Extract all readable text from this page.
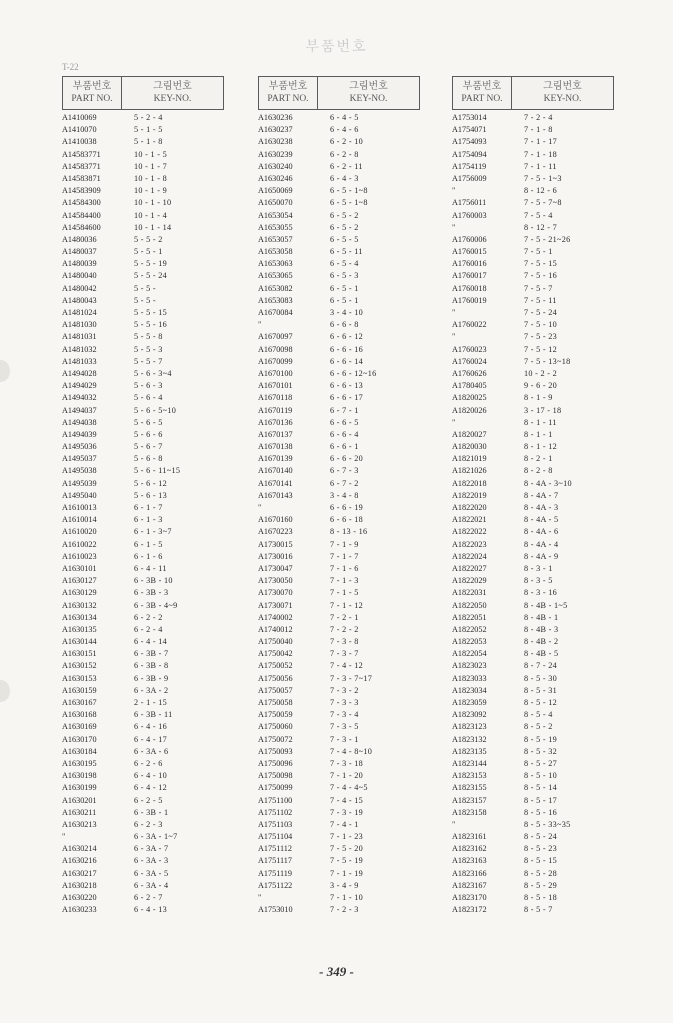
부품번호
T-22
부품번호
PART NO.
그림번호
KEY-NO.
A1410069	5 - 2 - 4
A1410070	5 - 1 - 5
A1410038	5 - 1 - 8
A14583771	10 - 1 - 5
A14583771	10 - 1 - 7
A14583871	10 - 1 - 8
A14583909	10 - 1 - 9
A14584300	10 - 1 - 10
A14584400	10 - 1 - 4
A14584600	10 - 1 - 14
A1480036	5 - 5 - 2
A1480037	5 - 5 - 1
A1480039	5 - 5 - 19
A1480040	5 - 5 - 24
A1480042	5 - 5 -
A1480043	5 - 5 -
A1481024	5 - 5 - 15
A1481030	5 - 5 - 16
A1481031	5 - 5 - 8
A1481032	5 - 5 - 3
A1481033	5 - 5 - 7
A1494028	5 - 6 - 3~4
A1494029	5 - 6 - 3
A1494032	5 - 6 - 4
A1494037	5 - 6 - 5~10
A1494038	5 - 6 - 5
A1494039	5 - 6 - 6
A1495036	5 - 6 - 7
A1495037	5 - 6 - 8
A1495038	5 - 6 - 11~15
A1495039	5 - 6 - 12
A1495040	5 - 6 - 13
A1610013	6 - 1 - 7
A1610014	6 - 1 - 3
A1610020	6 - 1 - 3~7
A1610022	6 - 1 - 5
A1610023	6 - 1 - 6
A1630101	6 - 4 - 11
A1630127	6 - 3B - 10
A1630129	6 - 3B - 3
A1630132	6 - 3B - 4~9
A1630134	6 - 2 - 2
A1630135	6 - 2 - 4
A1630144	6 - 4 - 14
A1630151	6 - 3B - 7
A1630152	6 - 3B - 8
A1630153	6 - 3B - 9
A1630159	6 - 3A - 2
A1630167	2 - 1 - 15
A1630168	6 - 3B - 11
A1630169	6 - 4 - 16
A1630170	6 - 4 - 17
A1630184	6 - 3A - 6
A1630195	6 - 2 - 6
A1630198	6 - 4 - 10
A1630199	6 - 4 - 12
A1630201	6 - 2 - 5
A1630211	6 - 3B - 1
A1630213	6 - 2 - 3
"	6 - 3A - 1~7
A1630214	6 - 3A - 7
A1630216	6 - 3A - 3
A1630217	6 - 3A - 5
A1630218	6 - 3A - 4
A1630220	6 - 2 - 7
A1630233	6 - 4 - 13
부품번호
PART NO.
그림번호
KEY-NO.
A1630236	6 - 4 - 5
A1630237	6 - 4 - 6
A1630238	6 - 2 - 10
A1630239	6 - 2 - 8
A1630240	6 - 2 - 11
A1630246	6 - 4 - 3
A1650069	6 - 5 - 1~8
A1650070	6 - 5 - 1~8
A1653054	6 - 5 - 2
A1653055	6 - 5 - 2
A1653057	6 - 5 - 5
A1653058	6 - 5 - 11
A1653063	6 - 5 - 4
A1653065	6 - 5 - 3
A1653082	6 - 5 - 1
A1653083	6 - 5 - 1
A1670084	3 - 4 - 10
"	6 - 6 - 8
A1670097	6 - 6 - 12
A1670098	6 - 6 - 16
A1670099	6 - 6 - 14
A1670100	6 - 6 - 12~16
A1670101	6 - 6 - 13
A1670118	6 - 6 - 17
A1670119	6 - 7 - 1
A1670136	6 - 6 - 5
A1670137	6 - 6 - 4
A1670138	6 - 6 - 1
A1670139	6 - 6 - 20
A1670140	6 - 7 - 3
A1670141	6 - 7 - 2
A1670143	3 - 4 - 8
"	6 - 6 - 19
A1670160	6 - 6 - 18
A1670223	8 - 13 - 16
A1730015	7 - 1 - 9
A1730016	7 - 1 - 7
A1730047	7 - 1 - 6
A1730050	7 - 1 - 3
A1730070	7 - 1 - 5
A1730071	7 - 1 - 12
A1740002	7 - 2 - 1
A1740012	7 - 2 - 2
A1750040	7 - 3 - 8
A1750042	7 - 3 - 7
A1750052	7 - 4 - 12
A1750056	7 - 3 - 7~17
A1750057	7 - 3 - 2
A1750058	7 - 3 - 3
A1750059	7 - 3 - 4
A1750060	7 - 3 - 5
A1750072	7 - 3 - 1
A1750093	7 - 4 - 8~10
A1750096	7 - 3 - 18
A1750098	7 - 1 - 20
A1750099	7 - 4 - 4~5
A1751100	7 - 4 - 15
A1751102	7 - 3 - 19
A1751103	7 - 4 - 1
A1751104	7 - 1 - 23
A1751112	7 - 5 - 20
A1751117	7 - 5 - 19
A1751119	7 - 1 - 19
A1751122	3 - 4 - 9
"	7 - 1 - 10
A1753010	7 - 2 - 3
부품번호
PART NO.
그림번호
KEY-NO.
A1753014	7 - 2 - 4
A1754071	7 - 1 - 8
A1754093	7 - 1 - 17
A1754094	7 - 1 - 18
A1754119	7 - 1 - 11
A1756009	7 - 5 - 1~3
"	8 - 12 - 6
A1756011	7 - 5 - 7~8
A1760003	7 - 5 - 4
"	8 - 12 - 7
A1760006	7 - 5 - 21~26
A1760015	7 - 5 - 1
A1760016	7 - 5 - 15
A1760017	7 - 5 - 16
A1760018	7 - 5 - 7
A1760019	7 - 5 - 11
"	7 - 5 - 24
A1760022	7 - 5 - 10
"	7 - 5 - 23
A1760023	7 - 5 - 12
A1760024	7 - 5 - 13~18
A1760626	10 - 2 - 2
A1780405	9 - 6 - 20
A1820025	8 - 1 - 9
A1820026	3 - 17 - 18
"	8 - 1 - 11
A1820027	8 - 1 - 1
A1820030	8 - 1 - 12
A1821019	8 - 2 - 1
A1821026	8 - 2 - 8
A1822018	8 - 4A - 3~10
A1822019	8 - 4A - 7
A1822020	8 - 4A - 3
A1822021	8 - 4A - 5
A1822022	8 - 4A - 6
A1822023	8 - 4A - 4
A1822024	8 - 4A - 9
A1822027	8 - 3 - 1
A1822029	8 - 3 - 5
A1822031	8 - 3 - 16
A1822050	8 - 4B - 1~5
A1822051	8 - 4B - 1
A1822052	8 - 4B - 3
A1822053	8 - 4B - 2
A1822054	8 - 4B - 5
A1823023	8 - 7 - 24
A1823033	8 - 5 - 30
A1823034	8 - 5 - 31
A1823059	8 - 5 - 12
A1823092	8 - 5 - 4
A1823123	8 - 5 - 2
A1823132	8 - 5 - 19
A1823135	8 - 5 - 32
A1823144	8 - 5 - 27
A1823153	8 - 5 - 10
A1823155	8 - 5 - 14
A1823157	8 - 5 - 17
A1823158	8 - 5 - 16
"	8 - 5 - 33~35
A1823161	8 - 5 - 24
A1823162	8 - 5 - 23
A1823163	8 - 5 - 15
A1823166	8 - 5 - 28
A1823167	8 - 5 - 29
A1823170	8 - 5 - 18
A1823172	8 - 5 - 7
- 349 -
